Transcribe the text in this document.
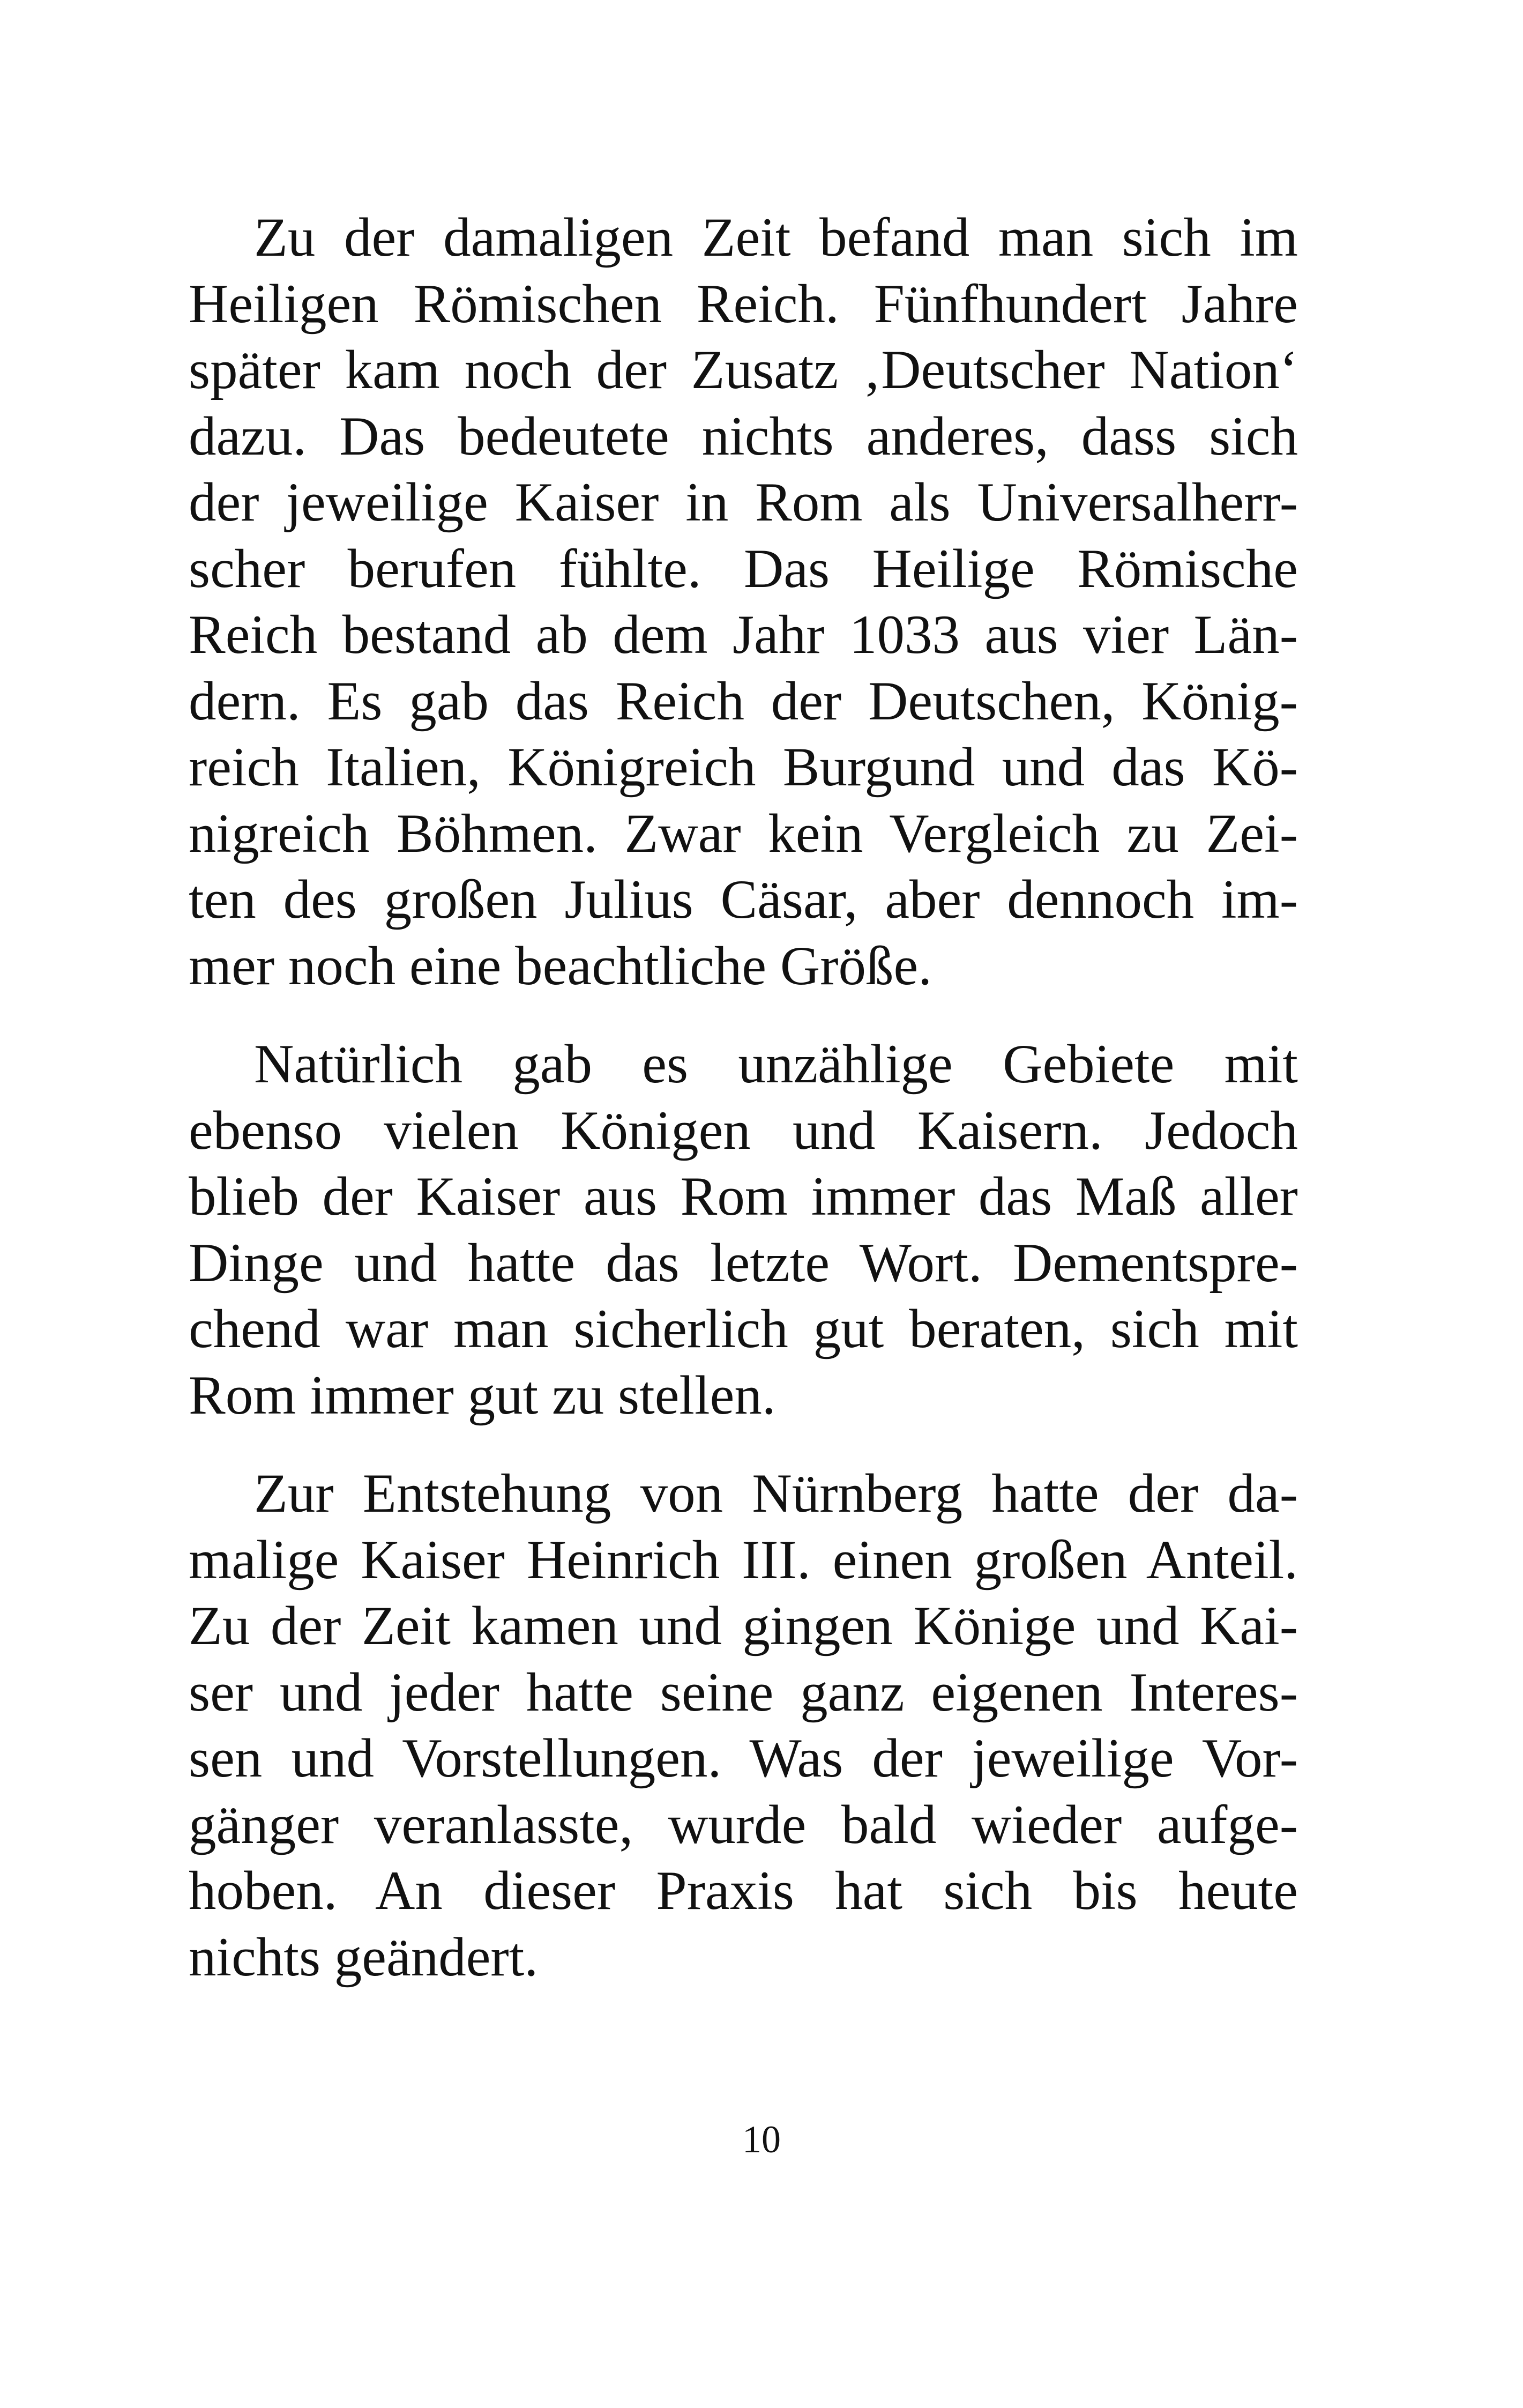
Zu der damaligen Zeit befand man sich im
Heiligen Römischen Reich. Fünfhundert Jahre
später kam noch der Zusatz ‚Deutscher Nation‘
dazu. Das bedeutete nichts anderes, dass sich
der jeweilige Kaiser in Rom als Universalherr-
scher berufen fühlte. Das Heilige Römische
Reich bestand ab dem Jahr 1033 aus vier Län-
dern. Es gab das Reich der Deutschen, König-
reich Italien, Königreich Burgund und das Kö-
nigreich Böhmen. Zwar kein Vergleich zu Zei-
ten des großen Julius Cäsar, aber dennoch im-
mer noch eine beachtliche Größe.
Natürlich gab es unzählige Gebiete mit
ebenso vielen Königen und Kaisern. Jedoch
blieb der Kaiser aus Rom immer das Maß aller
Dinge und hatte das letzte Wort. Dementspre-
chend war man sicherlich gut beraten, sich mit
Rom immer gut zu stellen.
Zur Entstehung von Nürnberg hatte der da-
malige Kaiser Heinrich III. einen großen Anteil.
Zu der Zeit kamen und gingen Könige und Kai-
ser und jeder hatte seine ganz eigenen Interes-
sen und Vorstellungen. Was der jeweilige Vor-
gänger veranlasste, wurde bald wieder aufge-
hoben. An dieser Praxis hat sich bis heute
nichts geändert.
10
